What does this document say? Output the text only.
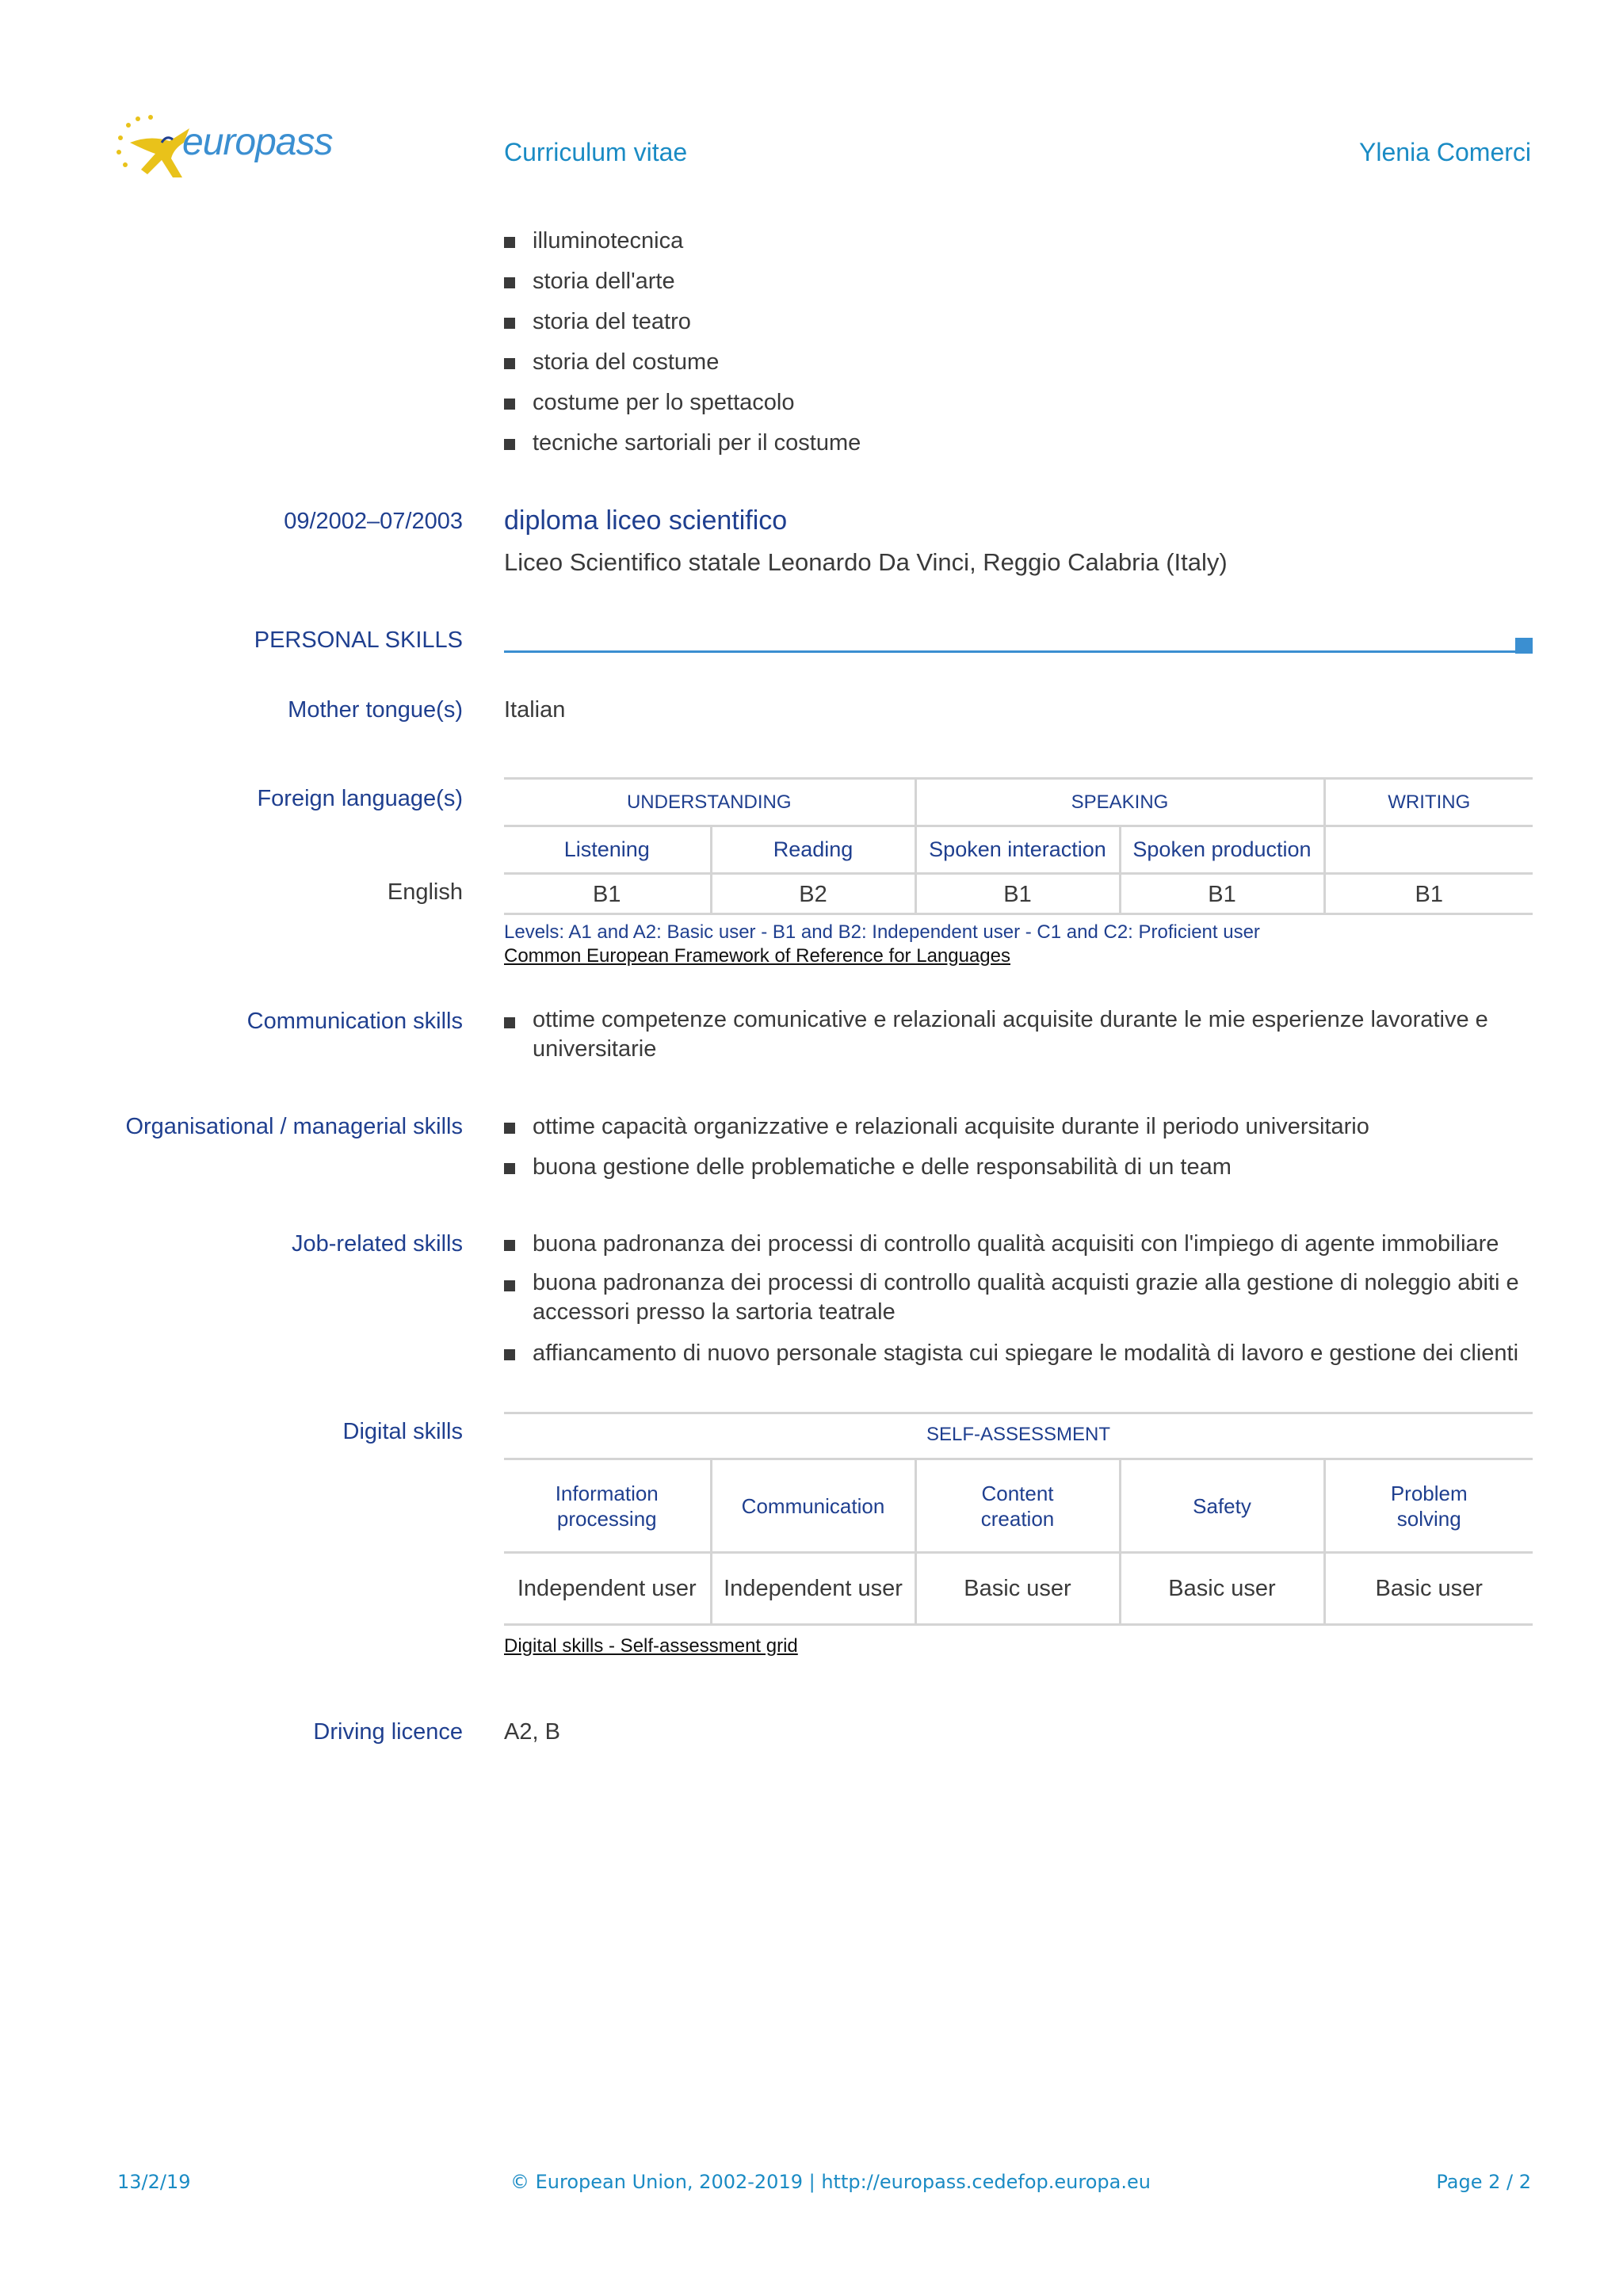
europass	Curriculum vitae	Ylenia Comerci
illuminotecnica
storia dell'arte
storia del teatro
storia del costume
costume per lo spettacolo
tecniche sartoriali per il costume
09/2002–07/2003 diploma liceo scientifico
Liceo Scientifico statale Leonardo Da Vinci, Reggio Calabria (Italy)
PERSONAL SKILLS
Mother tongue(s) Italian
Foreign language(s)	UNDERSTANDING		SPEAKING		WRITING

Listening	Reading	Spoken interaction	Spoken production	

B1	B2	B1	B1	B1
English
Levels: A1 and A2: Basic user - B1 and B2: Independent user - C1 and C2: Proficient user
Common European Framework of Reference for Languages
Communication skills	ottime competenze comunicative e relazionali acquisite durante le mie esperienze lavorative e universitarie
Organisational / managerial skills	ottime capacità organizzative e relazionali acquisite durante il periodo universitario
buona gestione delle problematiche e delle responsabilità di un team
Job-related skills	buona padronanza dei processi di controllo qualità acquisiti con l'impiego di agente immobiliare
buona padronanza dei processi di controllo qualità acquisti grazie alla gestione di noleggio abiti e accessori presso la sartoria teatrale
affiancamento di nuovo personale stagista cui spiegare le modalità di lavoro e gestione dei clienti
Digital skills	SELF-ASSESSMENT
Information processing	Communication	Content creation	Safety	Problem solving

Independent user	Independent user	Basic user	Basic user	Basic user
Digital skills - Self-assessment grid
Driving licence A2, B
13/2/19	© European Union, 2002-2019 | http://europass.cedefop.europa.eu	Page 2 / 2
